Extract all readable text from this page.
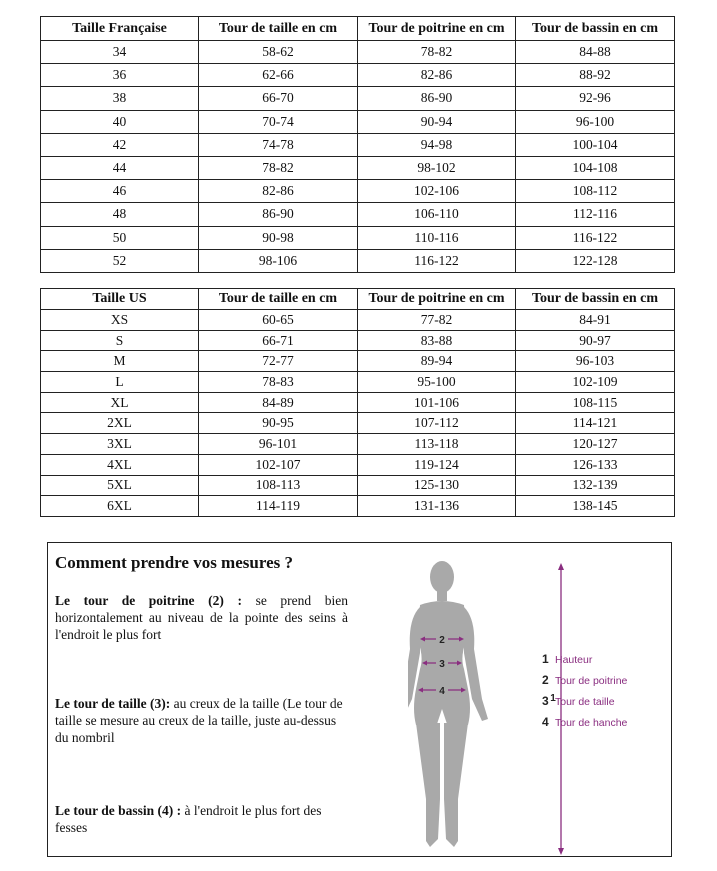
Taille Française	Tour de taille en cm	Tour de poitrine en cm	Tour de bassin en cm
34	58-62	78-82	84-88
36	62-66	82-86	88-92
38	66-70	86-90	92-96
40	70-74	90-94	96-100
42	74-78	94-98	100-104
44	78-82	98-102	104-108
46	82-86	102-106	108-112
48	86-90	106-110	112-116
50	90-98	110-116	116-122
52	98-106	116-122	122-128
Taille US	Tour de taille en cm	Tour de poitrine en cm	Tour de bassin en cm
XS	60-65	77-82	84-91
S	66-71	83-88	90-97
M	72-77	89-94	96-103
L	78-83	95-100	102-109
XL	84-89	101-106	108-115
2XL	90-95	107-112	114-121
3XL	96-101	113-118	120-127
4XL	102-107	119-124	126-133
5XL	108-113	125-130	132-139
6XL	114-119	131-136	138-145
Comment prendre vos mesures ?

Le tour de poitrine (2) : se prend bien horizontalement au niveau de la pointe des seins à l'endroit le plus fort

Le tour de taille (3): au creux de la taille (Le tour de taille se mesure au creux de la taille, juste au-dessus du nombril

Le tour de bassin (4) : à l'endroit le plus fort des fesses

2
3
4
1
1 Hauteur
2 Tour de poitrine
3 Tour de taille
4 Tour de hanche
